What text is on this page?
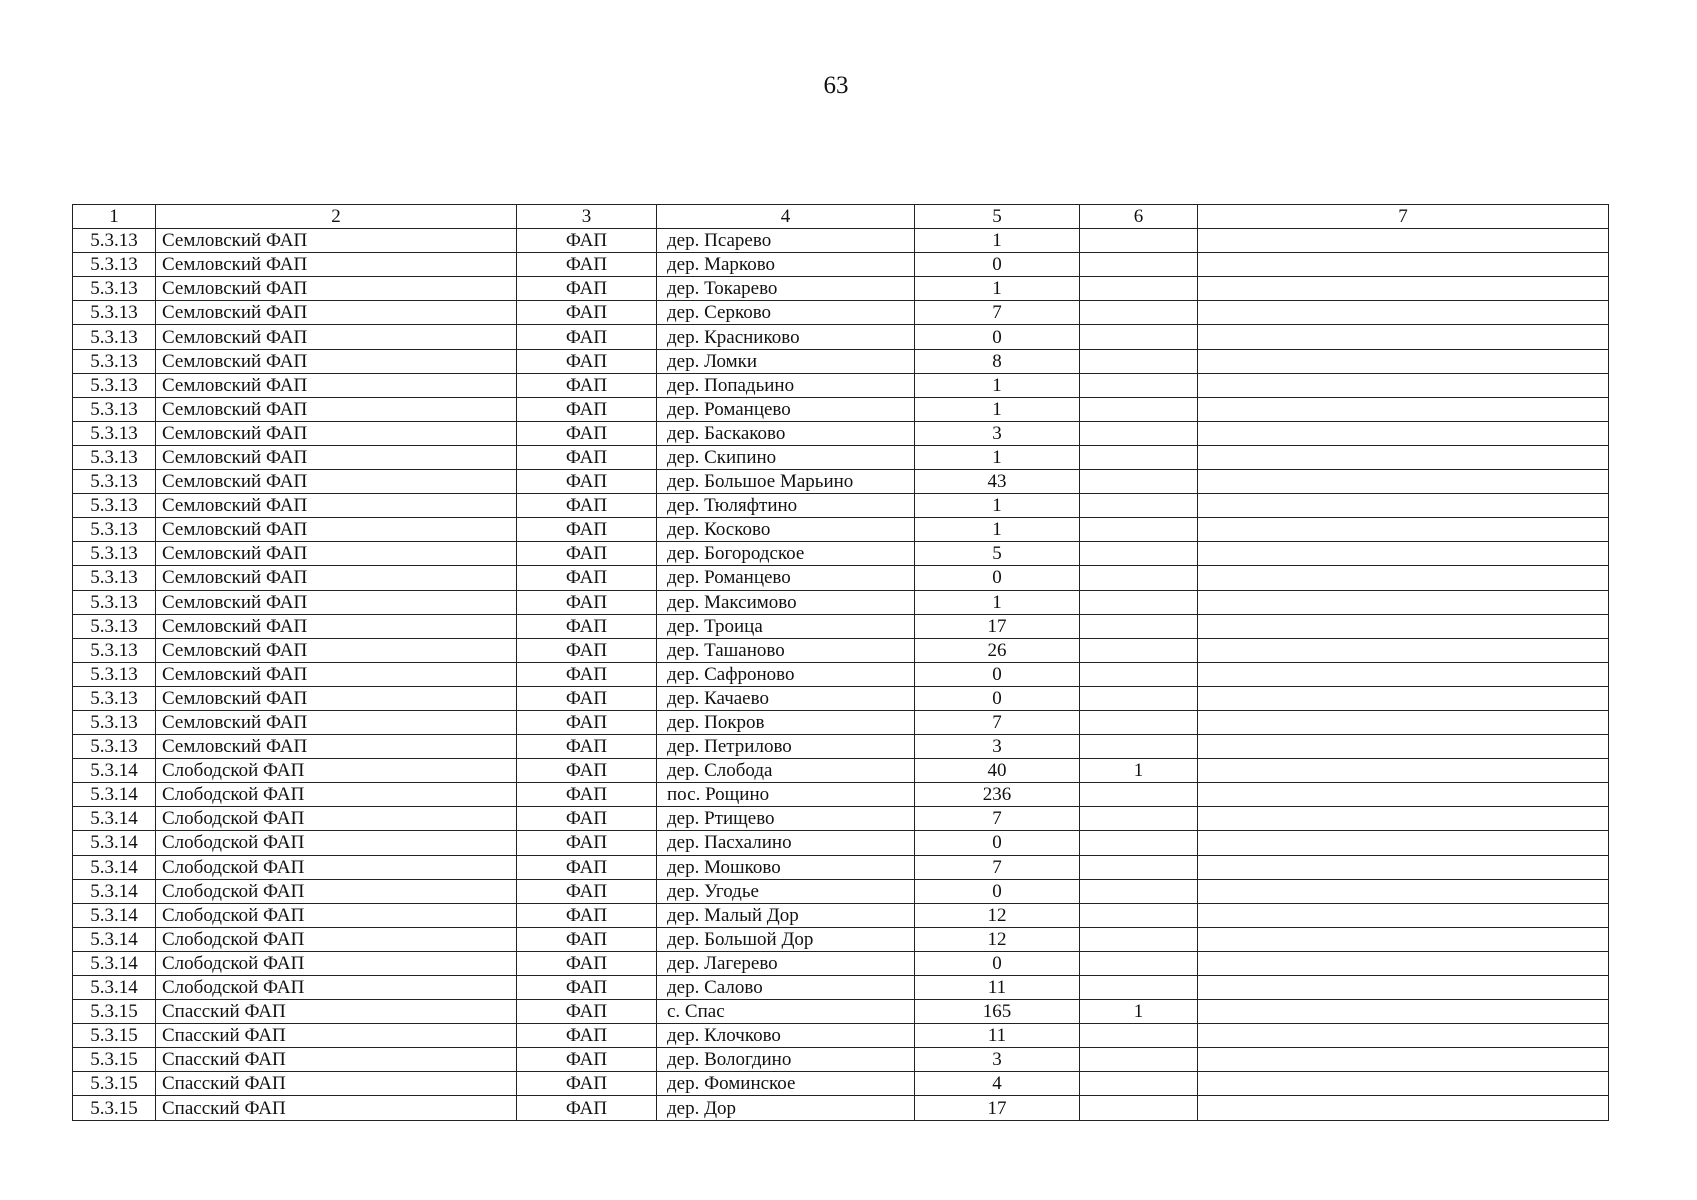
63
1	2	3	4	5	6	7
5.3.13	Семловский ФАП	ФАП	дер. Псарево	1		
5.3.13	Семловский ФАП	ФАП	дер. Марково	0		
5.3.13	Семловский ФАП	ФАП	дер. Токарево	1		
5.3.13	Семловский ФАП	ФАП	дер. Серково	7		
5.3.13	Семловский ФАП	ФАП	дер. Красниково	0		
5.3.13	Семловский ФАП	ФАП	дер. Ломки	8		
5.3.13	Семловский ФАП	ФАП	дер. Попадьино	1		
5.3.13	Семловский ФАП	ФАП	дер. Романцево	1		
5.3.13	Семловский ФАП	ФАП	дер. Баскаково	3		
5.3.13	Семловский ФАП	ФАП	дер. Скипино	1		
5.3.13	Семловский ФАП	ФАП	дер. Большое Марьино	43		
5.3.13	Семловский ФАП	ФАП	дер. Тюляфтино	1		
5.3.13	Семловский ФАП	ФАП	дер. Косково	1		
5.3.13	Семловский ФАП	ФАП	дер. Богородское	5		
5.3.13	Семловский ФАП	ФАП	дер. Романцево	0		
5.3.13	Семловский ФАП	ФАП	дер. Максимово	1		
5.3.13	Семловский ФАП	ФАП	дер. Троица	17		
5.3.13	Семловский ФАП	ФАП	дер. Ташаново	26		
5.3.13	Семловский ФАП	ФАП	дер. Сафроново	0		
5.3.13	Семловский ФАП	ФАП	дер. Качаево	0		
5.3.13	Семловский ФАП	ФАП	дер. Покров	7		
5.3.13	Семловский ФАП	ФАП	дер. Петрилово	3		
5.3.14	Слободской ФАП	ФАП	дер. Слобода	40	1	
5.3.14	Слободской ФАП	ФАП	пос. Рощино	236		
5.3.14	Слободской ФАП	ФАП	дер. Ртищево	7		
5.3.14	Слободской ФАП	ФАП	дер. Пасхалино	0		
5.3.14	Слободской ФАП	ФАП	дер. Мошково	7		
5.3.14	Слободской ФАП	ФАП	дер. Угодье	0		
5.3.14	Слободской ФАП	ФАП	дер. Малый Дор	12		
5.3.14	Слободской ФАП	ФАП	дер. Большой Дор	12		
5.3.14	Слободской ФАП	ФАП	дер. Лагерево	0		
5.3.14	Слободской ФАП	ФАП	дер. Салово	11		
5.3.15	Спасский ФАП	ФАП	с. Спас	165	1	
5.3.15	Спасский ФАП	ФАП	дер. Клочково	11		
5.3.15	Спасский ФАП	ФАП	дер. Вологдино	3		
5.3.15	Спасский ФАП	ФАП	дер. Фоминское	4		
5.3.15	Спасский ФАП	ФАП	дер. Дор	17		
